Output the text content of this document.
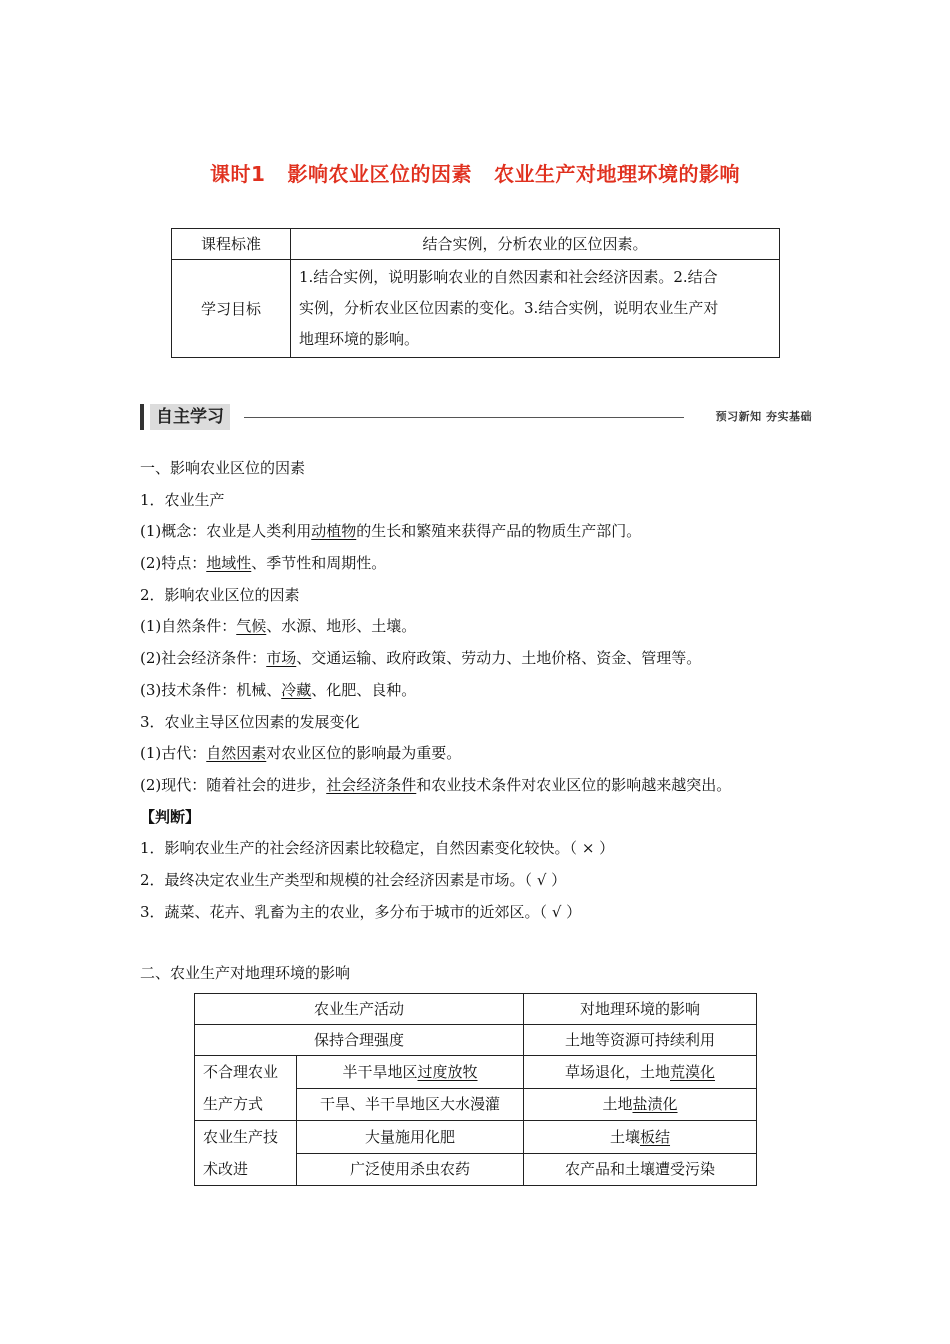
课时1 影响农业区位的因素 农业生产对地理环境的影响
课程标准	结合实例，分析农业的区位因素。
学习目标	1.结合实例，说明影响农业的自然因素和社会经济因素。2.结合
实例，分析农业区位因素的变化。3.结合实例，说明农业生产对
地理环境的影响。
自主学习	预习新知 夯实基础
一、影响农业区位的因素
1．农业生产
(1)概念：农业是人类利用动植物的生长和繁殖来获得产品的物质生产部门。
(2)特点：地域性、季节性和周期性。
2．影响农业区位的因素
(1)自然条件：气候、水源、地形、土壤。
(2)社会经济条件：市场、交通运输、政府政策、劳动力、土地价格、资金、管理等。
(3)技术条件：机械、冷藏、化肥、良种。
3．农业主导区位因素的发展变化
(1)古代：自然因素对农业区位的影响最为重要。
(2)现代：随着社会的进步，社会经济条件和农业技术条件对农业区位的影响越来越突出。
【判断】
1．影响农业生产的社会经济因素比较稳定，自然因素变化较快。（ × ）
2．最终决定农业生产类型和规模的社会经济因素是市场。（ √ ）
3．蔬菜、花卉、乳畜为主的农业，多分布于城市的近郊区。（ √ ）
二、农业生产对地理环境的影响
农业生产活动		对地理环境的影响
保持合理强度		土地等资源可持续利用

不合理农业
生产方式	半干旱地区过度放牧	草场退化，土地荒漠化
	干旱、半干旱地区大水漫灌	土地盐渍化

农业生产技
术改进	大量施用化肥	土壤板结
	广泛使用杀虫农药	农产品和土壤遭受污染
